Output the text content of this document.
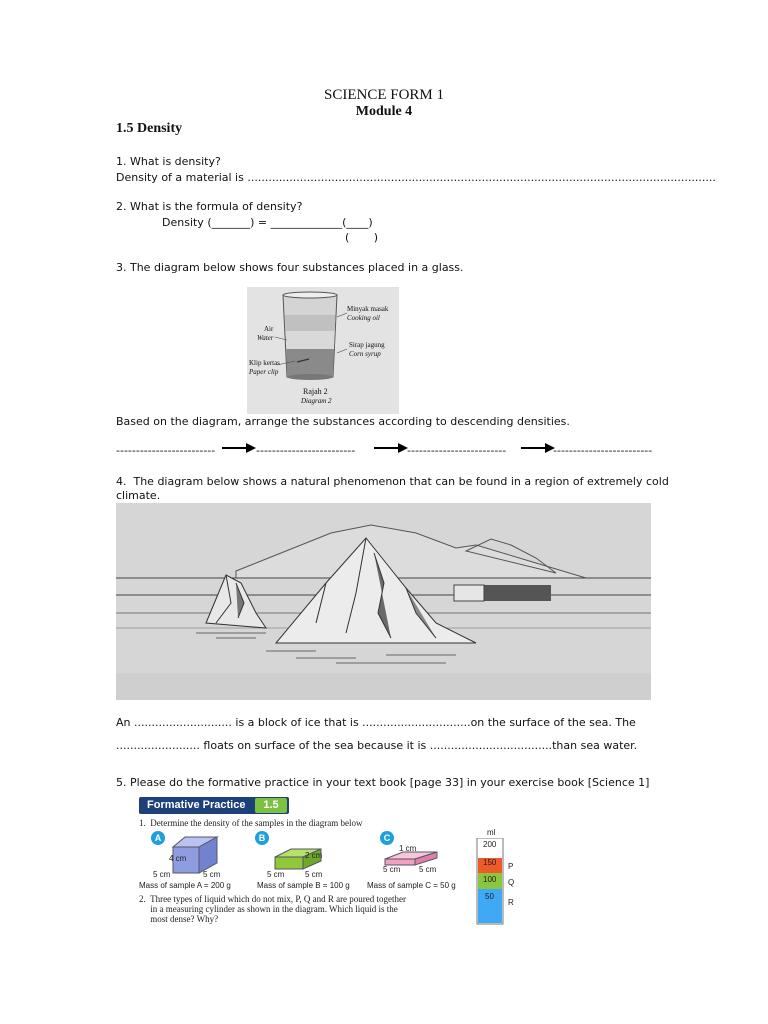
SCIENCE FORM 1
Module 4
1.5 Density
1. What is density?
Density of a material is ......................................................................................................................................
2. What is the formula of density?
Density (_______) = _____________(____)
(       )
3. The diagram below shows four substances placed in a glass.
Minyak masak
Cooking oil
Air
Water
Sirap jagung
Corn syrup
Klip kertas
Paper clip
Rajah 2
Diagram 2
Based on the diagram, arrange the substances according to descending densities.
-------------------------	-------------------------	-------------------------	-------------------------
4.  The diagram below shows a natural phenomenon that can be found in a region of extremely cold
climate.
An ............................ is a block of ice that is ...............................on the surface of the sea. The
........................ floats on surface of the sea because it is ...................................than sea water.
5. Please do the formative practice in your text book [page 33] in your exercise book [Science 1]
Formative Practice	1.5
1.  Determine the density of the samples in the diagram below
A
4 cm
5 cm	5 cm
Mass of sample A = 200 g
B
2 cm
5 cm	5 cm
Mass of sample B = 100 g
C
1 cm
5 cm 5 cm
Mass of sample C = 50 g
2.  Three types of liquid which do not mix, P, Q and R are poured together
in a measuring cylinder as shown in the diagram. Which liquid is the
most dense? Why?
ml
200
150
100
50
P
Q
R
